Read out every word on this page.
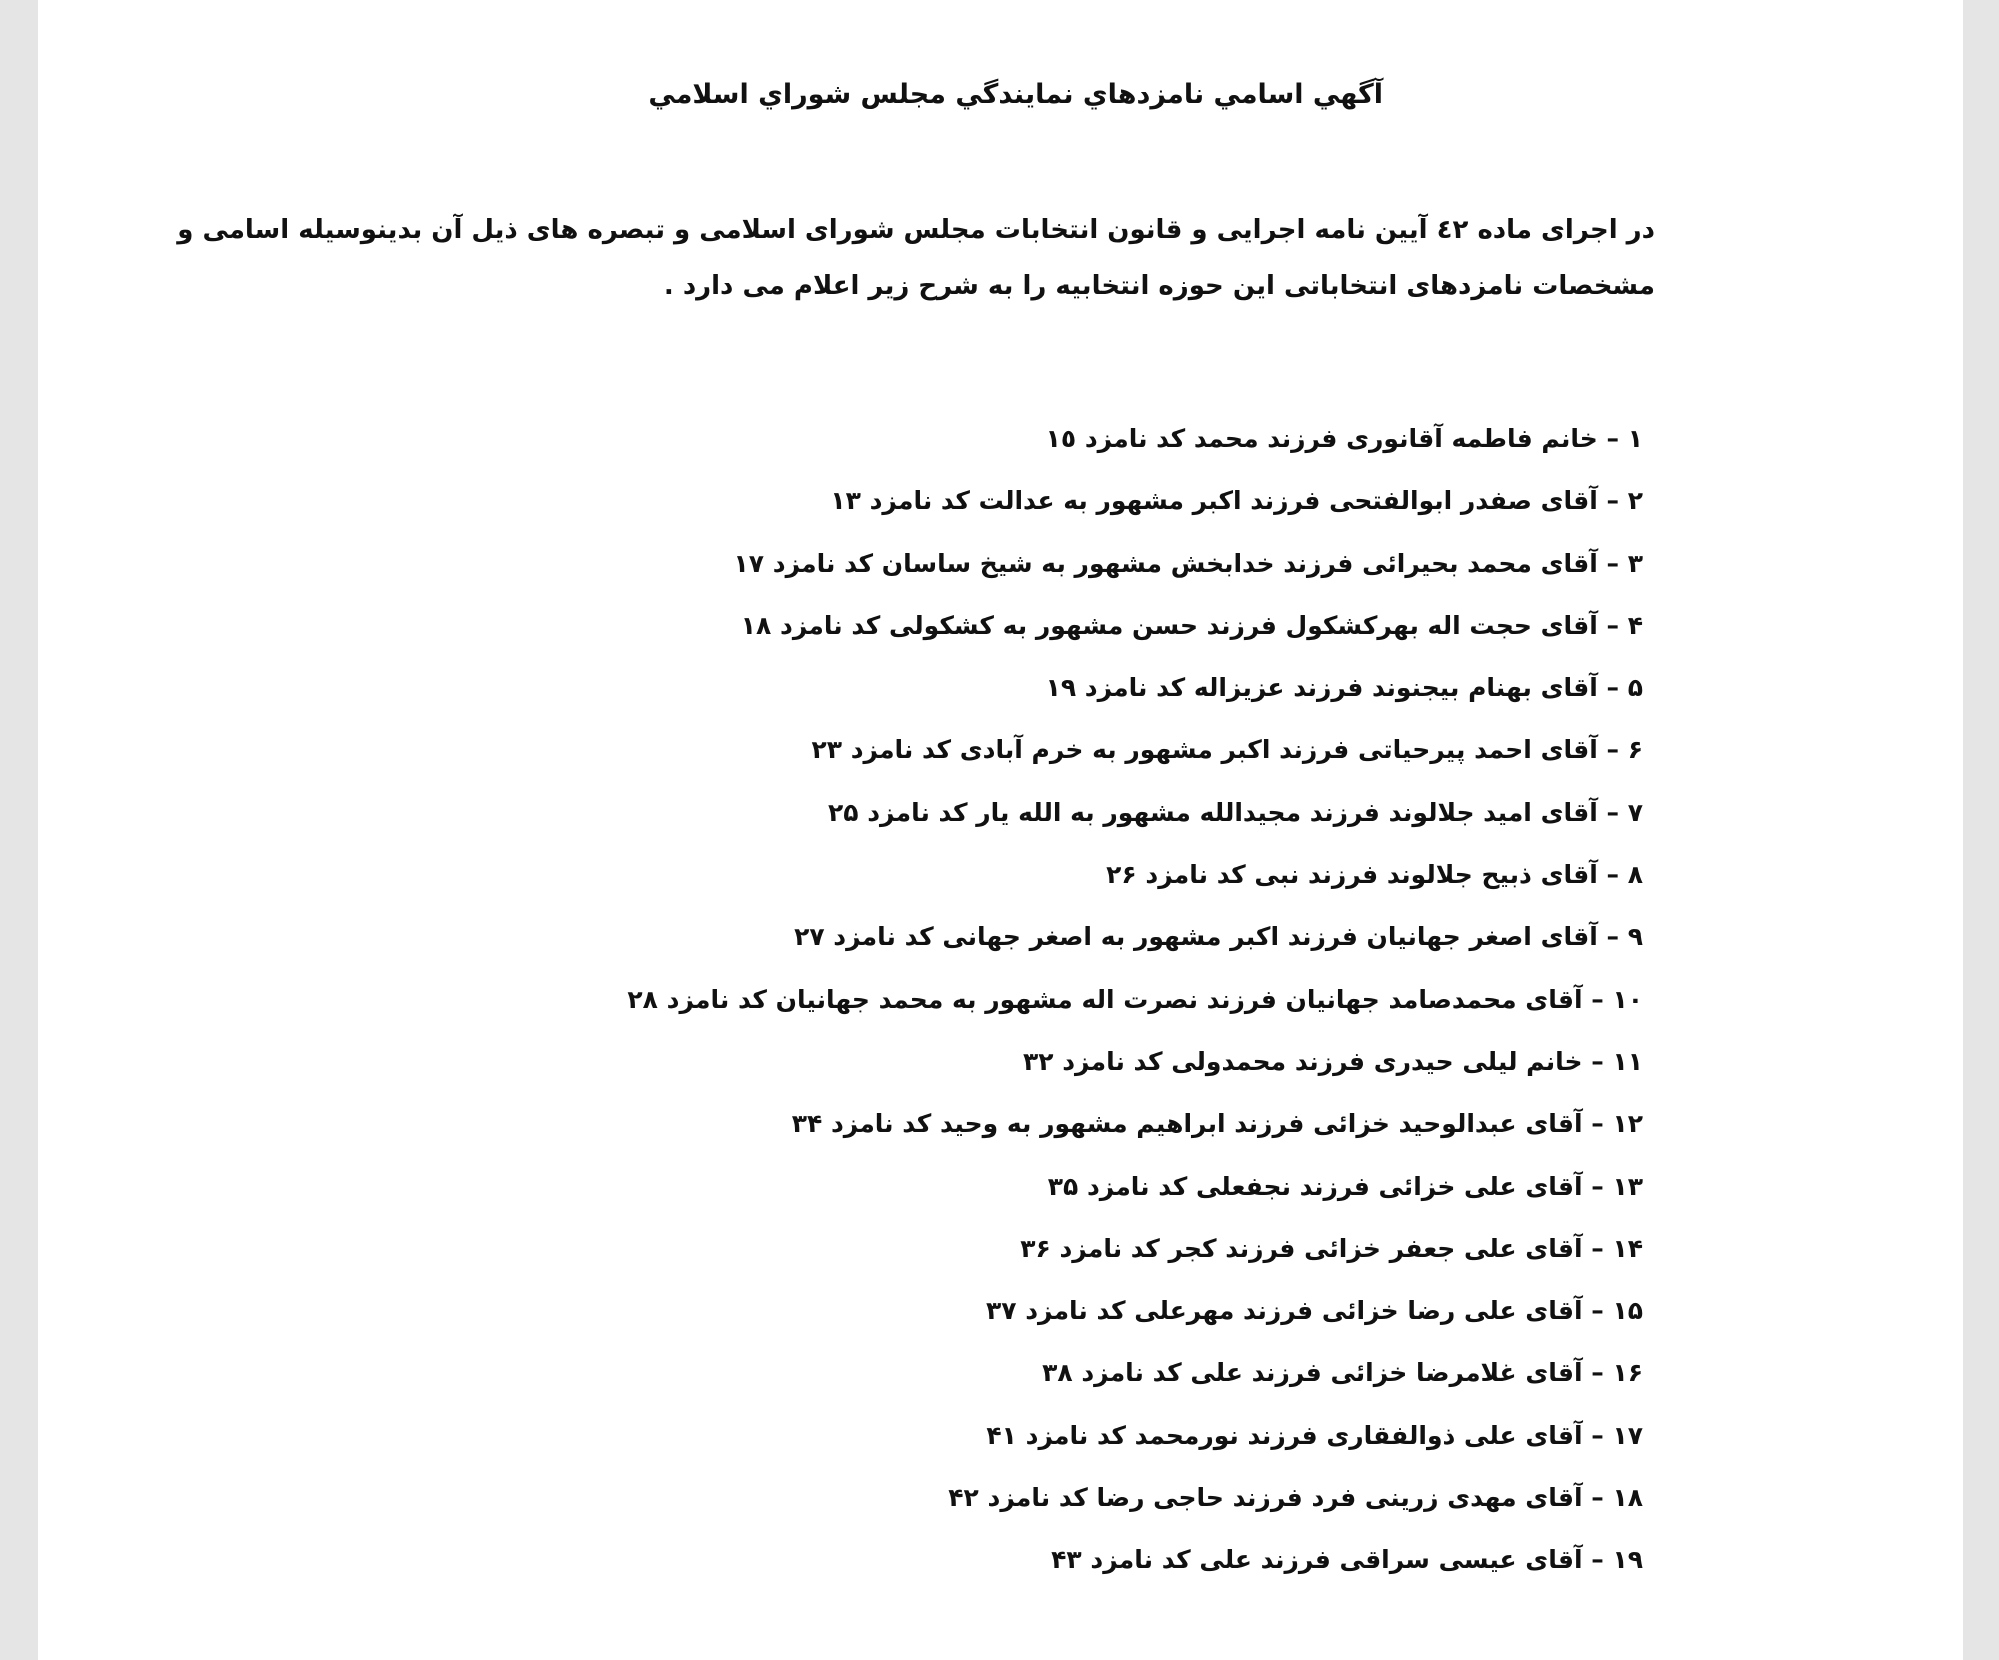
آگهي اسامي نامزدهاي نمايندگي مجلس شوراي اسلامي

در اجرای ماده ٤٢ آیین نامه اجرایی و قانون انتخابات مجلس شورای اسلامی و تبصره های ذیل آن بدینوسیله اسامی و مشخصات نامزدهای انتخاباتی این حوزه انتخابیه را به شرح زیر اعلام می دارد .

١ – خانم فاطمه آقانوری فرزند محمد کد نامزد ١٥
٢ – آقای صفدر ابوالفتحی فرزند اکبر مشهور به عدالت کد نامزد ١٣
٣ – آقای محمد بحیرائی فرزند خدابخش مشهور به شیخ ساسان کد نامزد ١٧
۴ – آقای حجت اله بهرکشکول فرزند حسن مشهور به کشکولی کد نامزد ١٨
۵ – آقای بهنام بیجنوند فرزند عزیزاله کد نامزد ١٩
۶ – آقای احمد پیرحیاتی فرزند اکبر مشهور به خرم آبادی کد نامزد ٢٣
٧ – آقای امید جلالوند فرزند مجیدالله مشهور به الله یار کد نامزد ٢۵
٨ – آقای ذبیح جلالوند فرزند نبی کد نامزد ٢۶
٩ – آقای اصغر جهانیان فرزند اکبر مشهور به اصغر جهانی کد نامزد ٢٧
١٠ – آقای محمدصامد جهانیان فرزند نصرت اله مشهور به محمد جهانیان کد نامزد ٢٨
١١ – خانم لیلی حیدری فرزند محمدولی کد نامزد ٣٢
١٢ – آقای عبدالوحید خزائی فرزند ابراهیم مشهور به وحید کد نامزد ٣۴
١٣ – آقای علی خزائی فرزند نجفعلی کد نامزد ٣۵
١۴ – آقای علی جعفر خزائی فرزند کجر کد نامزد ٣۶
١۵ – آقای علی رضا خزائی فرزند مهرعلی کد نامزد ٣٧
١۶ – آقای غلامرضا خزائی فرزند علی کد نامزد ٣٨
١٧ – آقای علی ذوالفقاری فرزند نورمحمد کد نامزد ۴١
١٨ – آقای مهدی زرینی فرد فرزند حاجی رضا کد نامزد ۴٢
١٩ – آقای عیسی سراقی فرزند علی کد نامزد ۴٣
